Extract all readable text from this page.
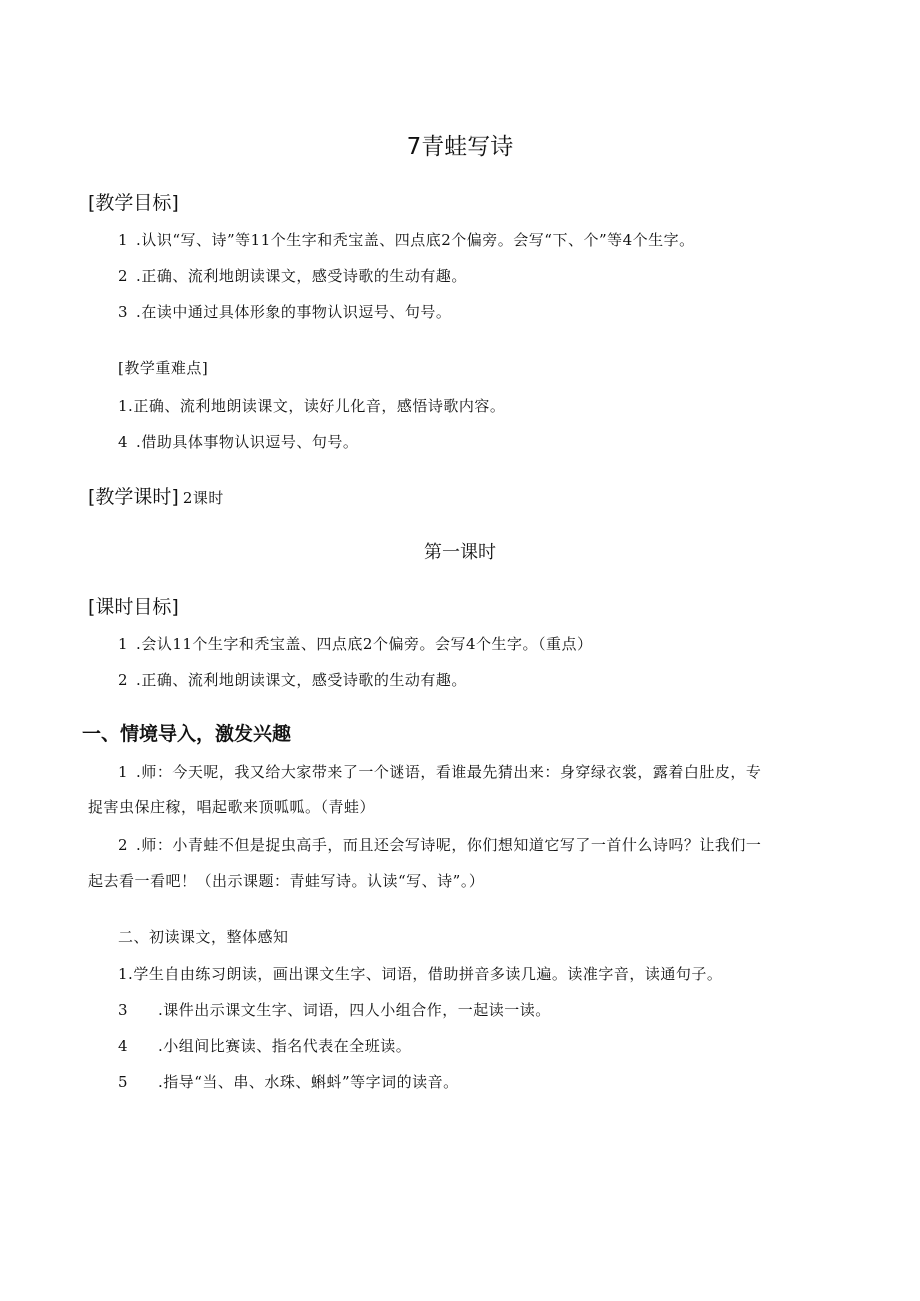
7青蛙写诗
[教学目标]
1 .认识“写、诗”等11个生字和秃宝盖、四点底2个偏旁。会写“下、个”等4个生字。
2 .正确、流利地朗读课文，感受诗歌的生动有趣。
3 .在读中通过具体形象的事物认识逗号、句号。
[教学重难点]
1.正确、流利地朗读课文，读好儿化音，感悟诗歌内容。
4 .借助具体事物认识逗号、句号。
[教学课时] 2课时
第一课时
[课时目标]
1 .会认11个生字和秃宝盖、四点底2个偏旁。会写4个生字。（重点）
2 .正确、流利地朗读课文，感受诗歌的生动有趣。
一、情境导入，激发兴趣
1 .师：今天呢，我又给大家带来了一个谜语，看谁最先猜出来：身穿绿衣裳，露着白肚皮，专
捉害虫保庄稼，唱起歌来顶呱呱。（青蛙）
2 .师：小青蛙不但是捉虫高手，而且还会写诗呢，你们想知道它写了一首什么诗吗？让我们一
起去看一看吧！（出示课题：青蛙写诗。认读“写、诗”。）
二、初读课文，整体感知
1.学生自由练习朗读，画出课文生字、词语，借助拼音多读几遍。读准字音，读通句子。
3 .课件出示课文生字、词语，四人小组合作，一起读一读。
4 .小组间比赛读、指名代表在全班读。
5 .指导“当、串、水珠、蝌蚪”等字词的读音。
